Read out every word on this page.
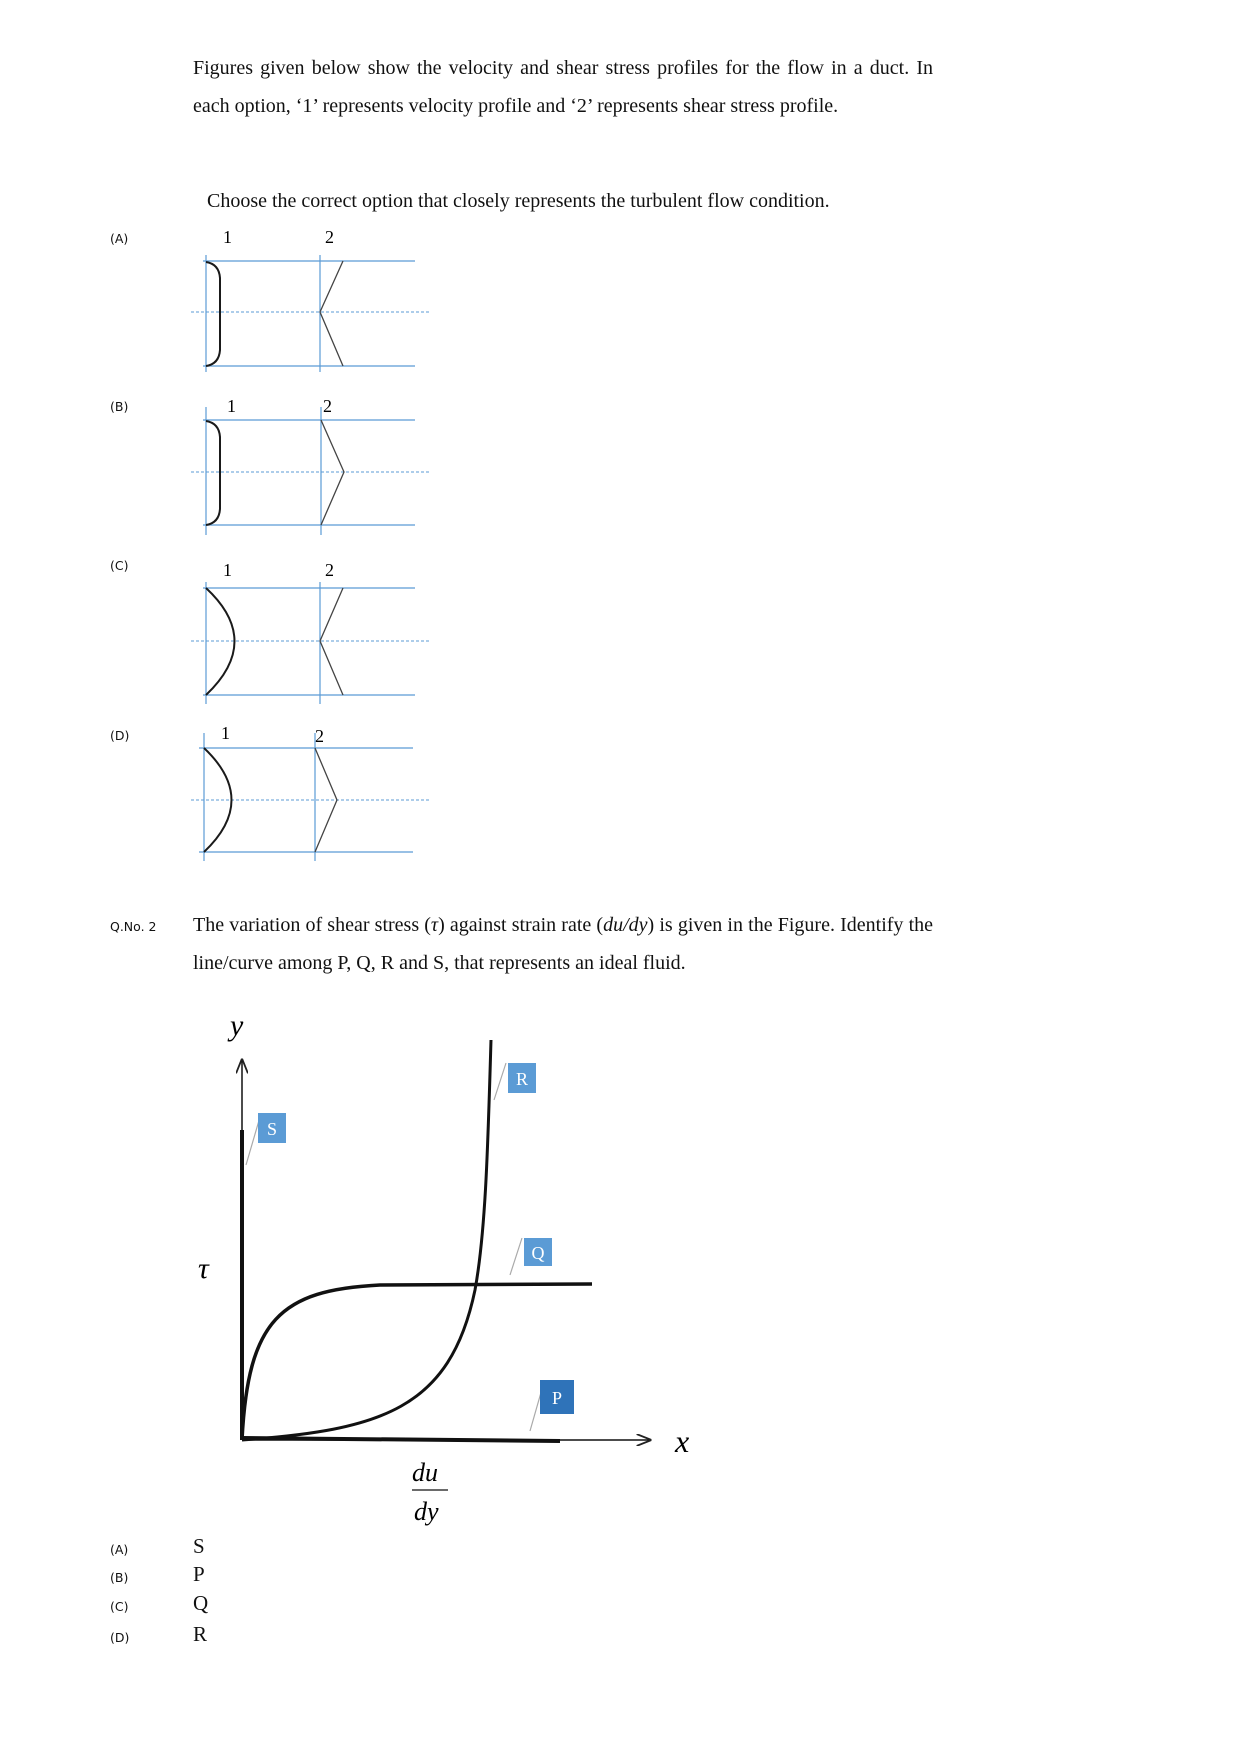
Figures given below show the velocity and shear stress profiles for the flow in a duct. In each option, ‘1’ represents velocity profile and ‘2’ represents shear stress profile.
Choose the correct option that closely represents the turbulent flow condition.
(A)
(B)
(C)
(D)
1	2
1	2
1	2
1	2
Q.No. 2 The variation of shear stress (τ) against strain rate (du/dy) is given in the Figure. Identify the line/curve among P, Q, R and S, that represents an ideal fluid.
y
x
τ
du
dy
S
R
Q
P
(A)	S
(B)	P
(C)	Q
(D)	R
